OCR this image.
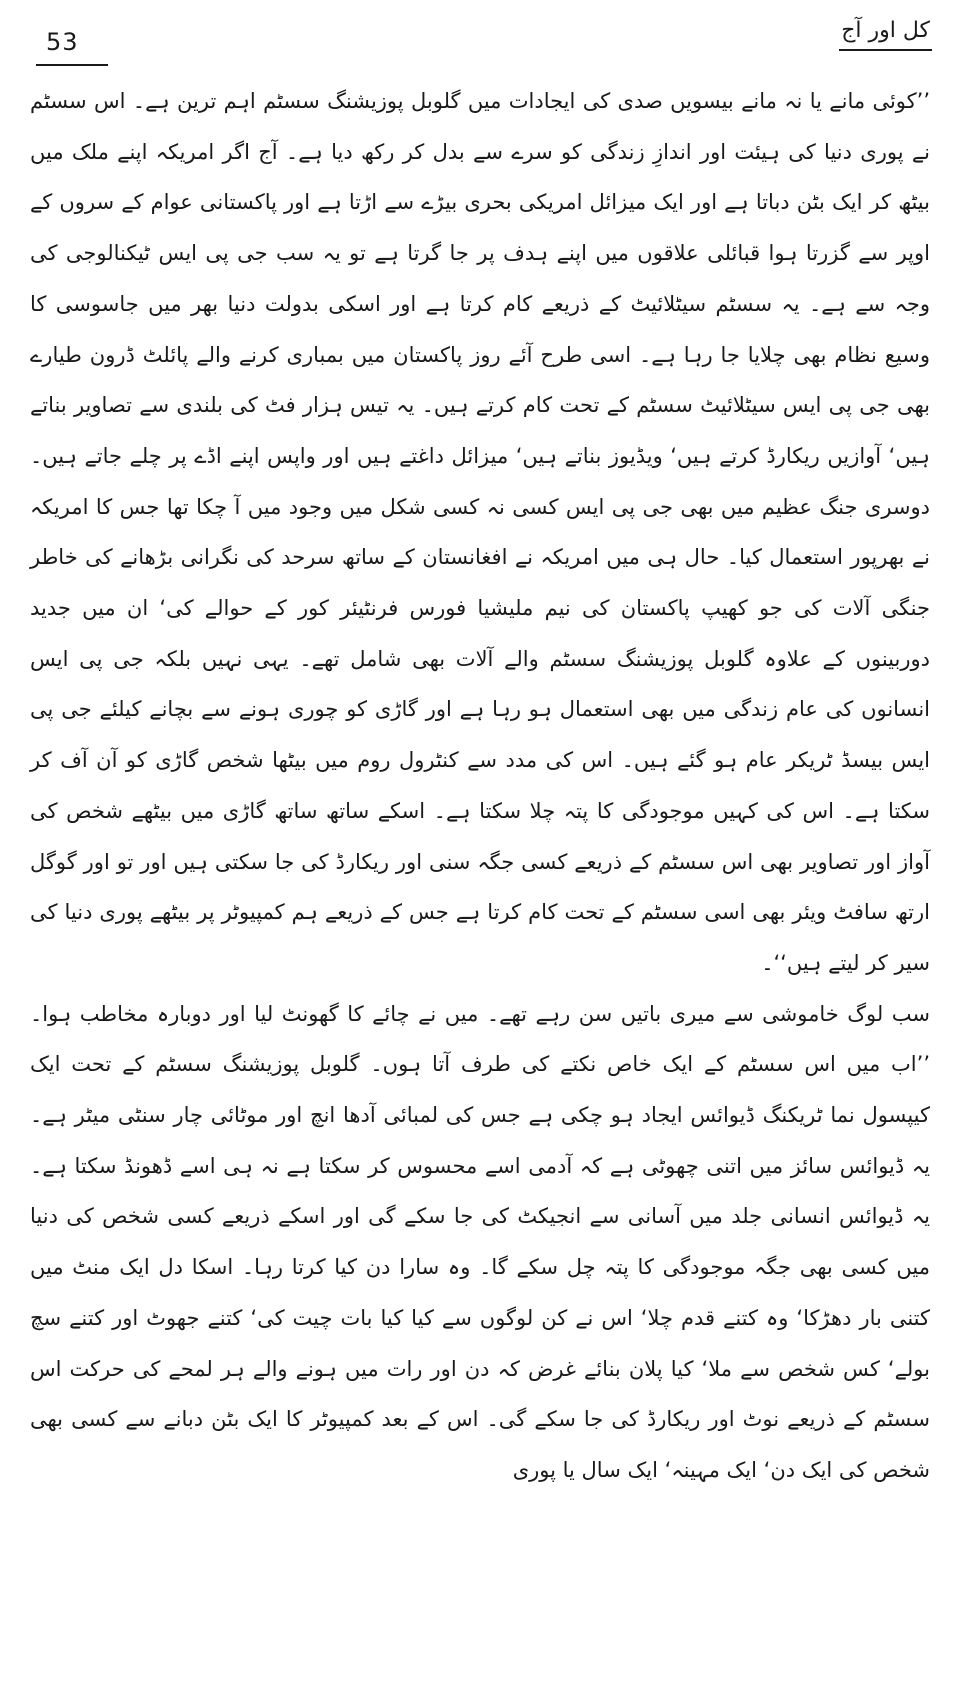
53	کل اور آج

’’کوئی مانے یا نہ مانے بیسویں صدی کی ایجادات میں گلوبل پوزیشنگ سسٹم اہم ترین ہے۔ اس سسٹم نے پوری دنیا کی ہیئت اور اندازِ زندگی کو سرے سے بدل کر رکھ دیا ہے۔ آج اگر امریکہ اپنے ملک میں بیٹھ کر ایک بٹن دباتا ہے اور ایک میزائل امریکی بحری بیڑے سے اڑتا ہے اور پاکستانی عوام کے سروں کے اوپر سے گزرتا ہوا قبائلی علاقوں میں اپنے ہدف پر جا گرتا ہے تو یہ سب جی پی ایس ٹیکنالوجی کی وجہ سے ہے۔ یہ سسٹم سیٹلائیٹ کے ذریعے کام کرتا ہے اور اسکی بدولت دنیا بھر میں جاسوسی کا وسیع نظام بھی چلایا جا رہا ہے۔ اسی طرح آئے روز پاکستان میں بمباری کرنے والے پائلٹ ڈرون طیارے بھی جی پی ایس سیٹلائیٹ سسٹم کے تحت کام کرتے ہیں۔ یہ تیس ہزار فٹ کی بلندی سے تصاویر بناتے ہیں‘ آوازیں ریکارڈ کرتے ہیں‘ ویڈیوز بناتے ہیں‘ میزائل داغتے ہیں اور واپس اپنے اڈے پر چلے جاتے ہیں۔ دوسری جنگ عظیم میں بھی جی پی ایس کسی نہ کسی شکل میں وجود میں آ چکا تھا جس کا امریکہ نے بھرپور استعمال کیا۔ حال ہی میں امریکہ نے افغانستان کے ساتھ سرحد کی نگرانی بڑھانے کی خاطر جنگی آلات کی جو کھیپ پاکستان کی نیم ملیشیا فورس فرنٹیئر کور کے حوالے کی‘ ان میں جدید دوربینوں کے علاوہ گلوبل پوزیشنگ سسٹم والے آلات بھی شامل تھے۔ یہی نہیں بلکہ جی پی ایس انسانوں کی عام زندگی میں بھی استعمال ہو رہا ہے اور گاڑی کو چوری ہونے سے بچانے کیلئے جی پی ایس بیسڈ ٹریکر عام ہو گئے ہیں۔ اس کی مدد سے کنٹرول روم میں بیٹھا شخص گاڑی کو آن آف کر سکتا ہے۔ اس کی کہیں موجودگی کا پتہ چلا سکتا ہے۔ اسکے ساتھ ساتھ گاڑی میں بیٹھے شخص کی آواز اور تصاویر بھی اس سسٹم کے ذریعے کسی جگہ سنی اور ریکارڈ کی جا سکتی ہیں اور تو اور گوگل ارتھ سافٹ ویئر بھی اسی سسٹم کے تحت کام کرتا ہے جس کے ذریعے ہم کمپیوٹر پر بیٹھے پوری دنیا کی سیر کر لیتے ہیں‘‘۔

سب لوگ خاموشی سے میری باتیں سن رہے تھے۔ میں نے چائے کا گھونٹ لیا اور دوبارہ مخاطب ہوا۔ ’’اب میں اس سسٹم کے ایک خاص نکتے کی طرف آتا ہوں۔ گلوبل پوزیشنگ سسٹم کے تحت ایک کیپسول نما ٹریکنگ ڈیوائس ایجاد ہو چکی ہے جس کی لمبائی آدھا انچ اور موٹائی چار سنٹی میٹر ہے۔ یہ ڈیوائس سائز میں اتنی چھوٹی ہے کہ آدمی اسے محسوس کر سکتا ہے نہ ہی اسے ڈھونڈ سکتا ہے۔ یہ ڈیوائس انسانی جلد میں آسانی سے انجیکٹ کی جا سکے گی اور اسکے ذریعے کسی شخص کی دنیا میں کسی بھی جگہ موجودگی کا پتہ چل سکے گا۔ وہ سارا دن کیا کرتا رہا۔ اسکا دل ایک منٹ میں کتنی بار دھڑکا‘ وہ کتنے قدم چلا‘ اس نے کن لوگوں سے کیا کیا بات چیت کی‘ کتنے جھوٹ اور کتنے سچ بولے‘ کس شخص سے ملا‘ کیا پلان بنائے غرض کہ دن اور رات میں ہونے والے ہر لمحے کی حرکت اس سسٹم کے ذریعے نوٹ اور ریکارڈ کی جا سکے گی۔ اس کے بعد کمپیوٹر کا ایک بٹن دبانے سے کسی بھی شخص کی ایک دن‘ ایک مہینہ‘ ایک سال یا پوری
